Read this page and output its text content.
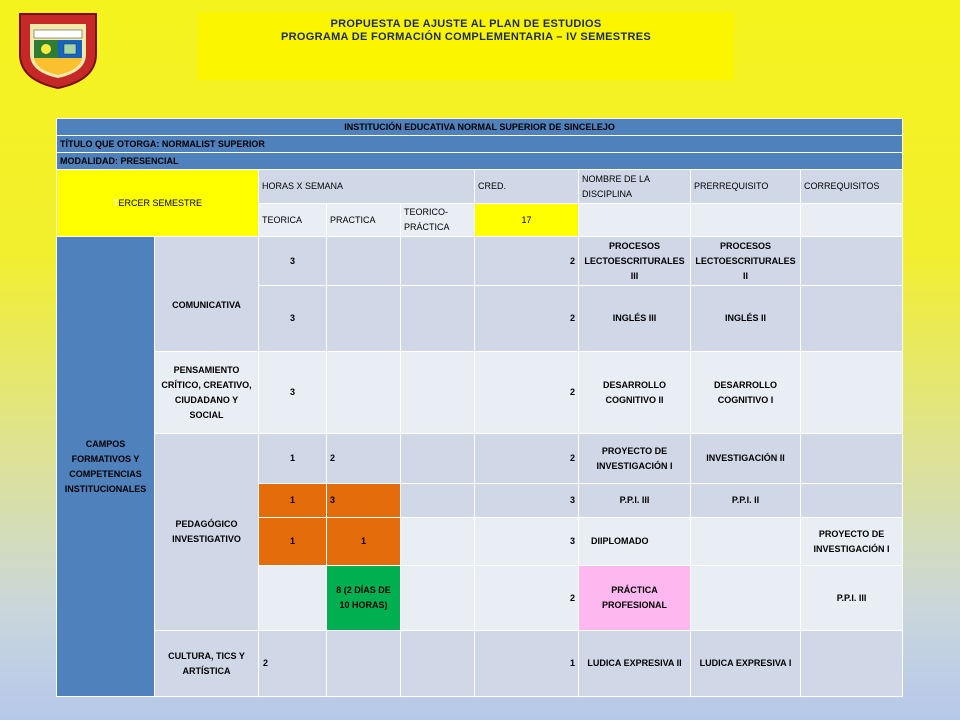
PROPUESTA DE AJUSTE AL PLAN DE ESTUDIOS
PROGRAMA DE FORMACIÓN COMPLEMENTARIA – IV SEMESTRES
INSTITUCIÓN EDUCATIVA NORMAL SUPERIOR DE SINCELEJO								
TÍTULO QUE OTORGA: NORMALIST SUPERIOR								
MODALIDAD: PRESENCIAL								
TERCER SEMESTRE		HORAS X SEMANA			CRED.	NOMBRE DE LA DISCIPLINA	PRERREQUISITO	CORREQUISITOS
		TEORICA	PRACTICA	TEORICO-PRÁCTICA	17			
CAMPOS FORMATIVOS Y COMPETENCIAS INSTITUCIONALES	COMUNICATIVA	3			2	PROCESOS LECTOESCRITURALES III	PROCESOS LECTOESCRITURALES II	
		3			2	INGLÉS III	INGLÉS II	
	PENSAMIENTO CRÍTICO, CREATIVO, CIUDADANO Y SOCIAL	3			2	DESARROLLO COGNITIVO II	DESARROLLO COGNITIVO I	
	PEDAGÓGICO INVESTIGATIVO	1	2		2	PROYECTO DE INVESTIGACIÓN I	INVESTIGACIÓN II	
		1	3		3	P.P.I. III	P.P.I. II	
		1	1		3	DIIPLOMADO		PROYECTO DE INVESTIGACIÓN I
			8 (2 DÍAS DE 10 HORAS)		2	PRÁCTICA PROFESIONAL		P.P.I. III
	CULTURA, TICS Y ARTÍSTICA	2			1	LUDICA EXPRESIVA II	LUDICA EXPRESIVA I	
